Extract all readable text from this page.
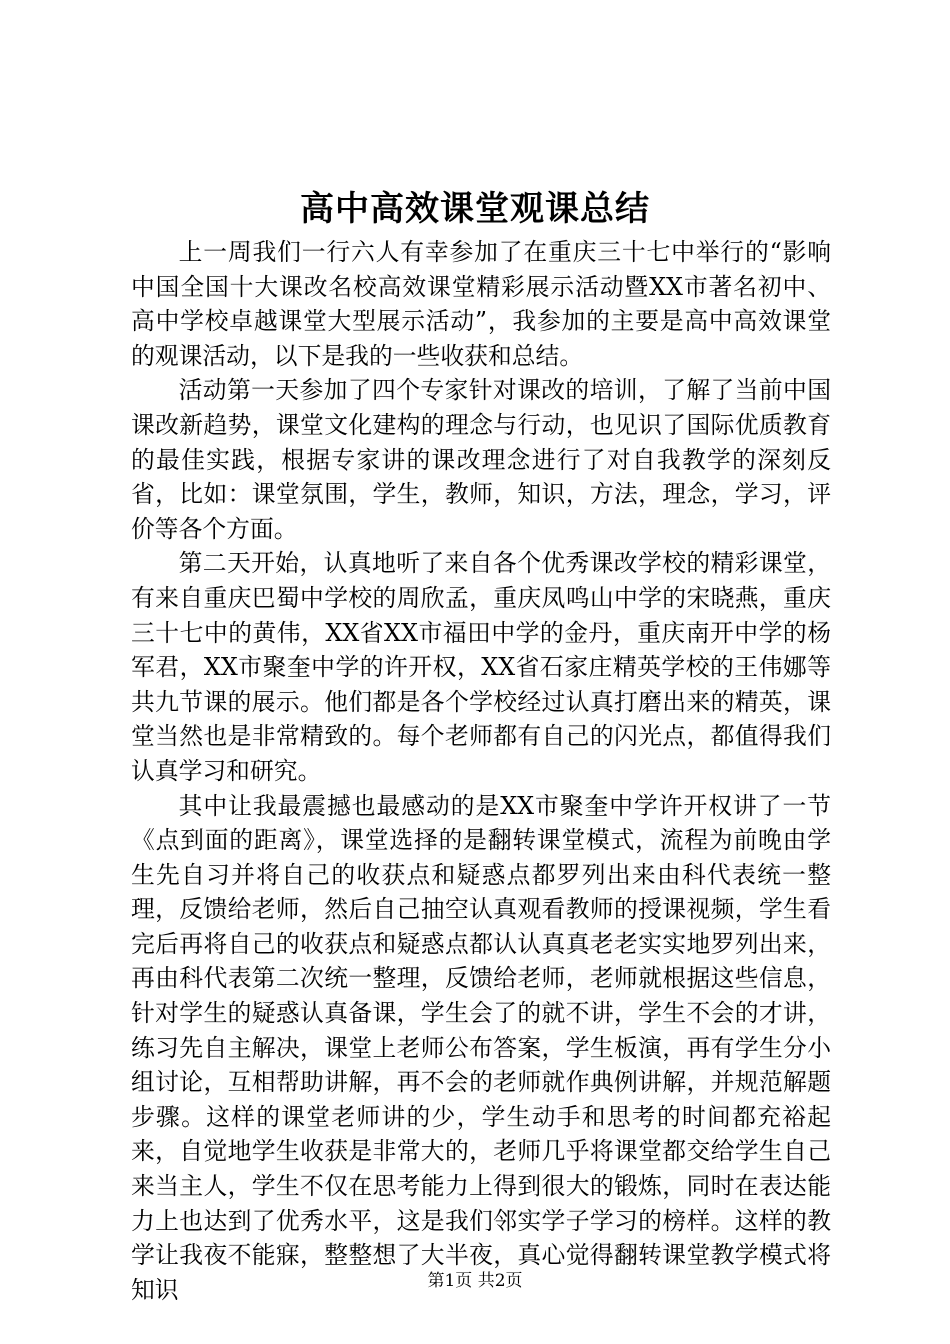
高中高效课堂观课总结

上一周我们一行六人有幸参加了在重庆三十七中举行的“影响中国全国十大课改名校高效课堂精彩展示活动暨XX市著名初中、高中学校卓越课堂大型展示活动”，我参加的主要是高中高效课堂的观课活动，以下是我的一些收获和总结。

活动第一天参加了四个专家针对课改的培训，了解了当前中国课改新趋势，课堂文化建构的理念与行动，也见识了国际优质教育的最佳实践，根据专家讲的课改理念进行了对自我教学的深刻反省，比如：课堂氛围，学生，教师，知识，方法，理念，学习，评价等各个方面。

第二天开始，认真地听了来自各个优秀课改学校的精彩课堂，有来自重庆巴蜀中学校的周欣孟，重庆凤鸣山中学的宋晓燕，重庆三十七中的黄伟，XX省XX市福田中学的金丹，重庆南开中学的杨军君，XX市聚奎中学的许开权，XX省石家庄精英学校的王伟娜等共九节课的展示。他们都是各个学校经过认真打磨出来的精英，课堂当然也是非常精致的。每个老师都有自己的闪光点，都值得我们认真学习和研究。

其中让我最震撼也最感动的是XX市聚奎中学许开权讲了一节《点到面的距离》，课堂选择的是翻转课堂模式，流程为前晚由学生先自习并将自己的收获点和疑惑点都罗列出来由科代表统一整理，反馈给老师，然后自己抽空认真观看教师的授课视频，学生看完后再将自己的收获点和疑惑点都认认真真老老实实地罗列出来，再由科代表第二次统一整理，反馈给老师，老师就根据这些信息，针对学生的疑惑认真备课，学生会了的就不讲，学生不会的才讲，练习先自主解决，课堂上老师公布答案，学生板演，再有学生分小组讨论，互相帮助讲解，再不会的老师就作典例讲解，并规范解题步骤。这样的课堂老师讲的少，学生动手和思考的时间都充裕起来，自觉地学生收获是非常大的，老师几乎将课堂都交给学生自己来当主人，学生不仅在思考能力上得到很大的锻炼，同时在表达能力上也达到了优秀水平，这是我们邻实学子学习的榜样。这样的教学让我夜不能寐，整整想了大半夜，真心觉得翻转课堂教学模式将知识	第1页 共2页
